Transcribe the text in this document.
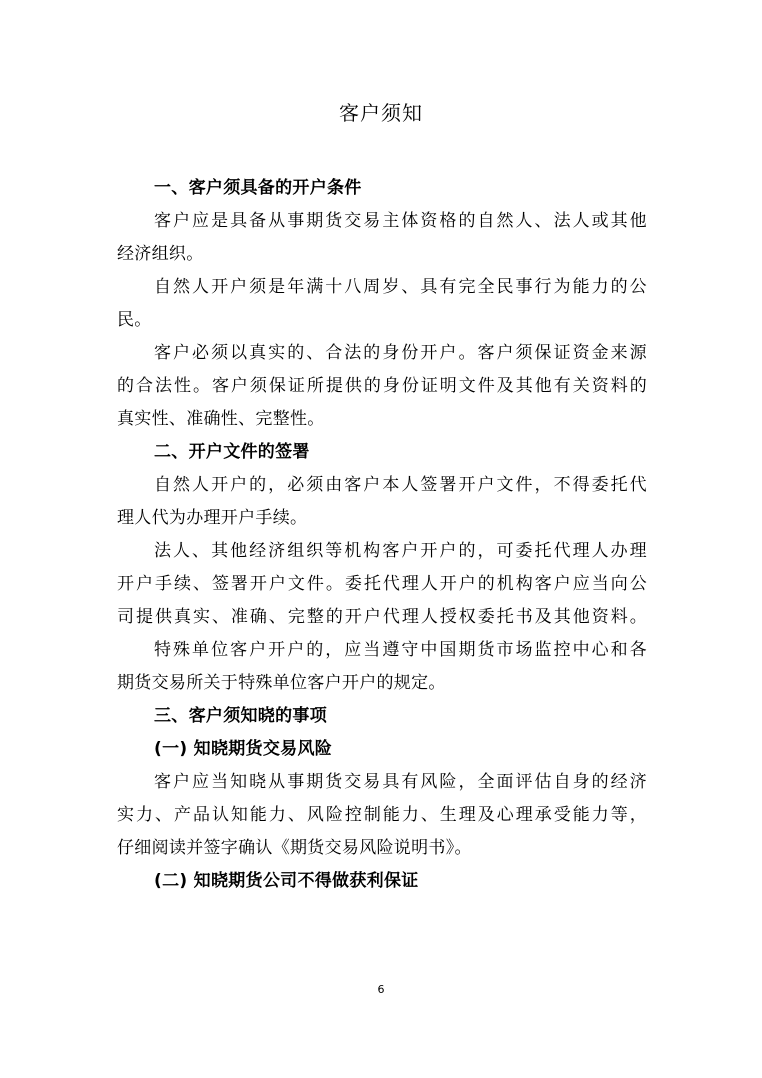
客户须知
一、客户须具备的开户条件
客户应是具备从事期货交易主体资格的自然人、法人或其他
经济组织。
自然人开户须是年满十八周岁、具有完全民事行为能力的公
民。
客户必须以真实的、合法的身份开户。客户须保证资金来源
的合法性。客户须保证所提供的身份证明文件及其他有关资料的
真实性、准确性、完整性。
二、开户文件的签署
自然人开户的，必须由客户本人签署开户文件，不得委托代
理人代为办理开户手续。
法人、其他经济组织等机构客户开户的，可委托代理人办理
开户手续、签署开户文件。委托代理人开户的机构客户应当向公
司提供真实、准确、完整的开户代理人授权委托书及其他资料。
特殊单位客户开户的，应当遵守中国期货市场监控中心和各
期货交易所关于特殊单位客户开户的规定。
三、客户须知晓的事项
(一) 知晓期货交易风险
客户应当知晓从事期货交易具有风险，全面评估自身的经济
实力、产品认知能力、风险控制能力、生理及心理承受能力等，
仔细阅读并签字确认《期货交易风险说明书》。
(二) 知晓期货公司不得做获利保证
6
